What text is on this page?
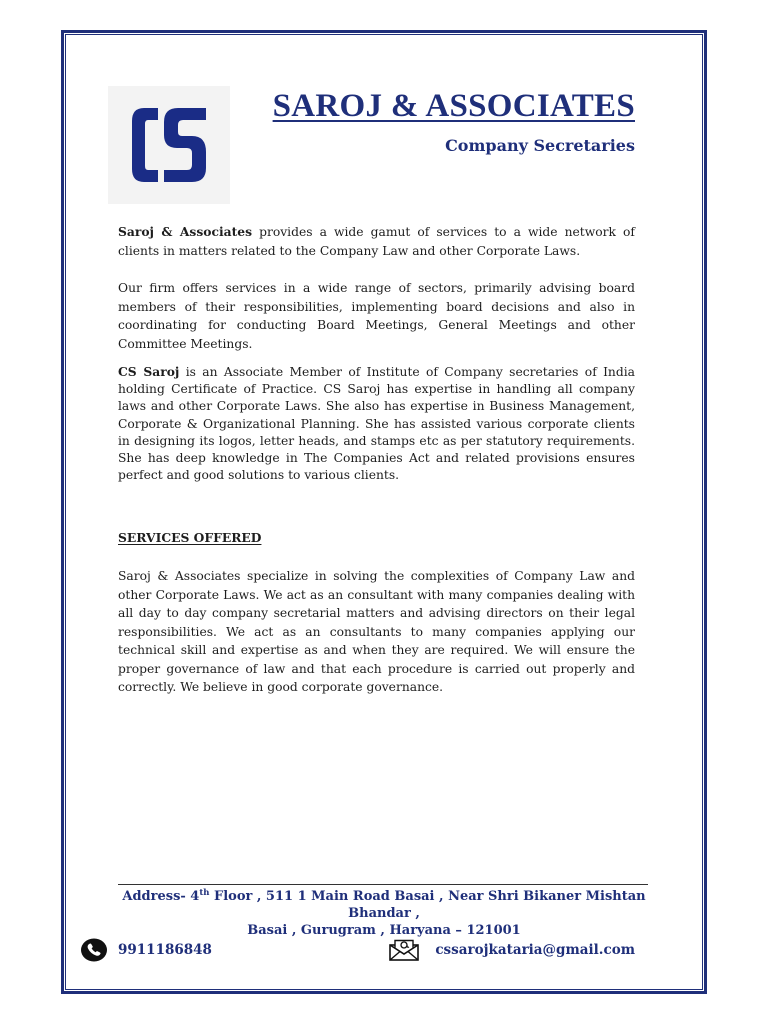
SAROJ & ASSOCIATES
Company Secretaries

Saroj & Associates provides a wide gamut of services to a wide network of clients in matters related to the Company Law and other Corporate Laws.

Our firm offers services in a wide range of sectors, primarily advising board members of their responsibilities, implementing board decisions and also in coordinating for conducting Board Meetings, General Meetings and other Committee Meetings.

CS Saroj is an Associate Member of Institute of Company secretaries of India holding Certificate of Practice. CS Saroj has expertise in handling all company laws and other Corporate Laws. She also has expertise in Business Management, Corporate & Organizational Planning. She has assisted various corporate clients in designing its logos, letter heads, and stamps etc as per statutory requirements. She has deep knowledge in The Companies Act and related provisions ensures perfect and good solutions to various clients.

SERVICES OFFERED

Saroj & Associates specialize in solving the complexities of Company Law and other Corporate Laws. We act as an consultant with many companies dealing with all day to day company secretarial matters and advising directors on their legal responsibilities. We act as an consultants to many companies applying our technical skill and expertise as and when they are required. We will ensure the proper governance of law and that each procedure is carried out properly and correctly. We believe in good corporate governance.

Address- 4th Floor , 511 1 Main Road Basai , Near Shri Bikaner Mishtan Bhandar ,
Basai , Gurugram , Haryana – 121001
9911186848	cssarojkataria@gmail.com
